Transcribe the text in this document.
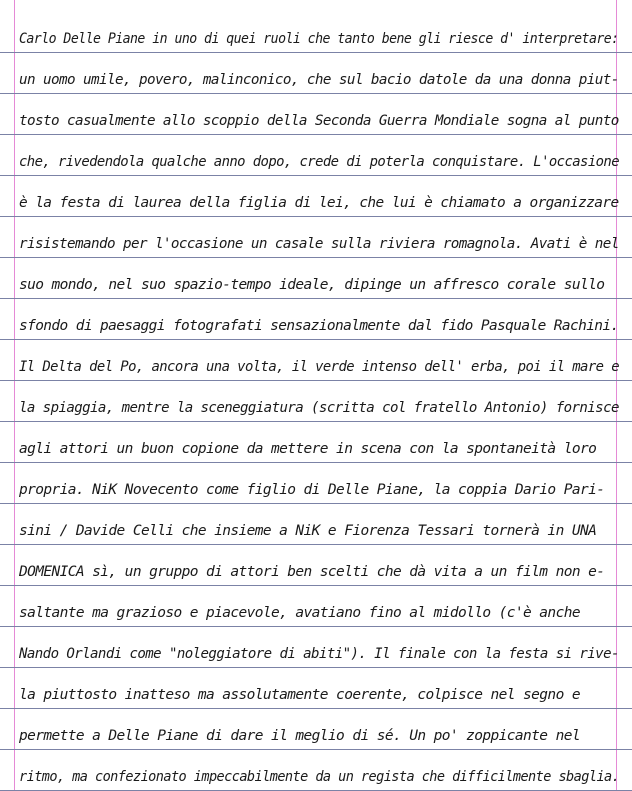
Carlo Delle Piane in uno di quei ruoli che tanto bene gli riesce d' interpretare:
un uomo umile, povero, malinconico, che sul bacio datole da una donna piut-
tosto casualmente allo scoppio della Seconda Guerra Mondiale sogna al punto
che, rivedendola qualche anno dopo, crede di poterla conquistare. L'occasione
è la festa di laurea della figlia di lei, che lui è chiamato a organizzare
risistemando per l'occasione un casale sulla riviera romagnola. Avati è nel
suo mondo, nel suo spazio-tempo ideale, dipinge un affresco corale sullo
sfondo di paesaggi fotografati sensazionalmente dal fido Pasquale Rachini.
Il Delta del Po, ancora una volta, il verde intenso dell' erba, poi il mare e
la spiaggia, mentre la sceneggiatura (scritta col fratello Antonio) fornisce
agli attori un buon copione da mettere in scena con la spontaneità loro
propria. NiK Novecento come figlio di Delle Piane, la coppia Dario Pari-
sini / Davide Celli che insieme a NiK e Fiorenza Tessari tornerà in UNA
DOMENICA sì, un gruppo di attori ben scelti che dà vita a un film non e-
saltante ma grazioso e piacevole, avatiano fino al midollo (c'è anche
Nando Orlandi come "noleggiatore di abiti"). Il finale con la festa si rive-
la piuttosto inatteso ma assolutamente coerente, colpisce nel segno e
permette a Delle Piane di dare il meglio di sé. Un po' zoppicante nel
ritmo, ma confezionato impeccabilmente da un regista che difficilmente sbaglia.
